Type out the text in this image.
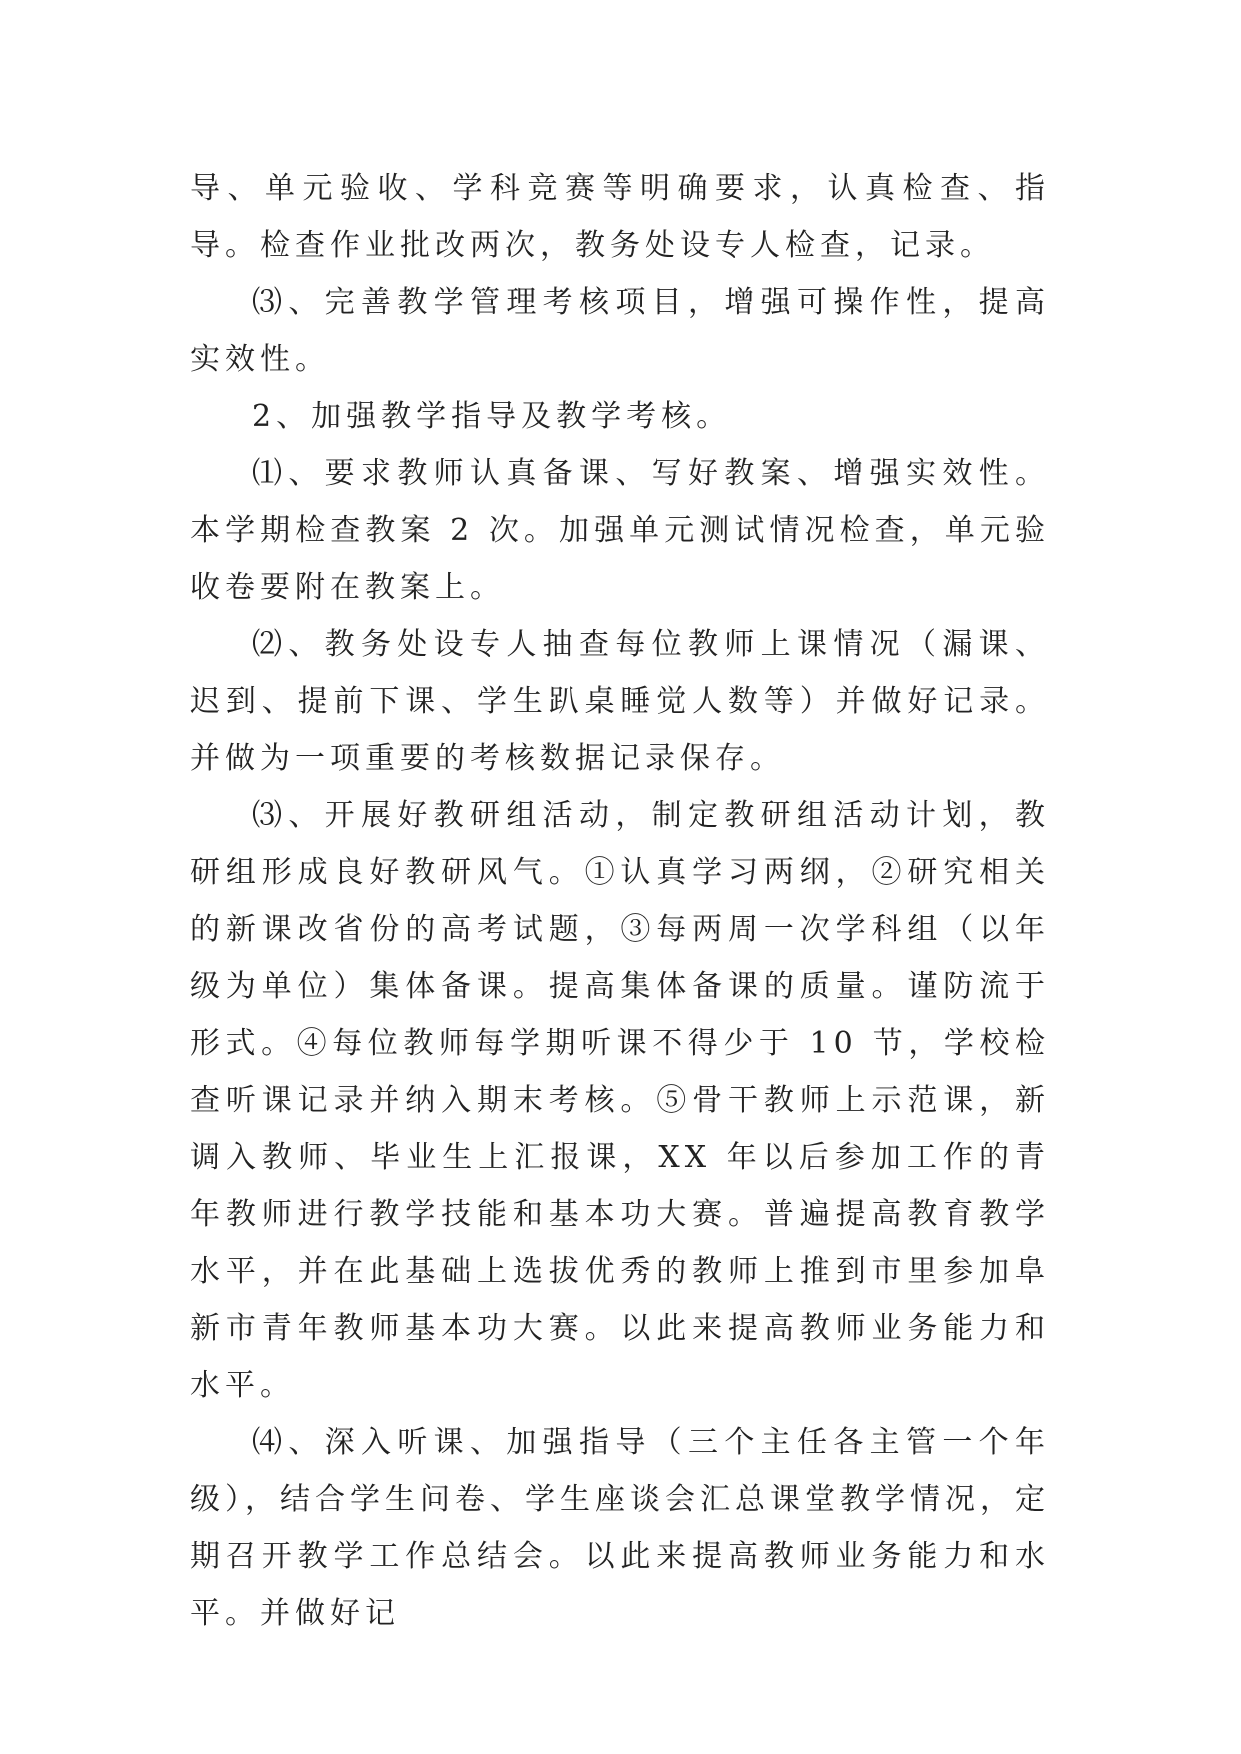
导、单元验收、学科竞赛等明确要求，认真检查、指导。检查作业批改两次，教务处设专人检查，记录。

⑶、完善教学管理考核项目，增强可操作性，提高实效性。

2、加强教学指导及教学考核。

⑴、要求教师认真备课、写好教案、增强实效性。本学期检查教案 2 次。加强单元测试情况检查，单元验收卷要附在教案上。

⑵、教务处设专人抽查每位教师上课情况（漏课、迟到、提前下课、学生趴桌睡觉人数等）并做好记录。并做为一项重要的考核数据记录保存。

⑶、开展好教研组活动，制定教研组活动计划，教研组形成良好教研风气。①认真学习两纲，②研究相关的新课改省份的高考试题，③每两周一次学科组（以年级为单位）集体备课。提高集体备课的质量。谨防流于形式。④每位教师每学期听课不得少于 10 节，学校检查听课记录并纳入期末考核。⑤骨干教师上示范课，新调入教师、毕业生上汇报课，XX 年以后参加工作的青年教师进行教学技能和基本功大赛。普遍提高教育教学水平，并在此基础上选拔优秀的教师上推到市里参加阜新市青年教师基本功大赛。以此来提高教师业务能力和水平。

⑷、深入听课、加强指导（三个主任各主管一个年级），结合学生问卷、学生座谈会汇总课堂教学情况，定期召开教学工作总结会。以此来提高教师业务能力和水平。并做好记
